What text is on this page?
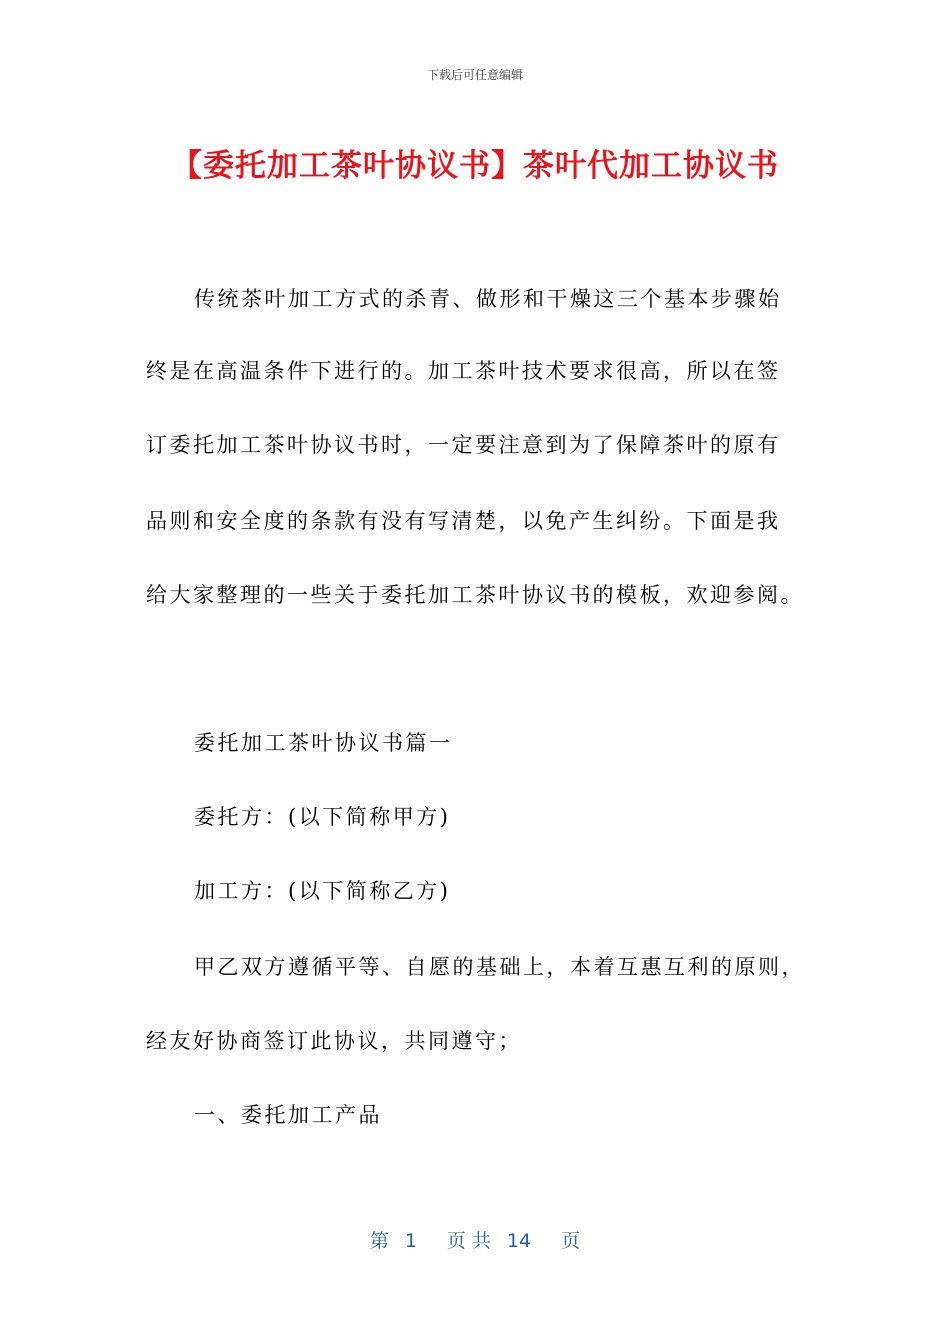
下载后可任意编辑
【委托加工茶叶协议书】茶叶代加工协议书
传统茶叶加工方式的杀青、做形和干燥这三个基本步骤始
终是在高温条件下进行的。加工茶叶技术要求很高，所以在签
订委托加工茶叶协议书时，一定要注意到为了保障茶叶的原有
品则和安全度的条款有没有写清楚，以免产生纠纷。下面是我
给大家整理的一些关于委托加工茶叶协议书的模板，欢迎参阅。
委托加工茶叶协议书篇一
委托方：(以下简称甲方)
加工方：(以下简称乙方)
甲乙双方遵循平等、自愿的基础上，本着互惠互利的原则，
经友好协商签订此协议，共同遵守；
一、委托加工产品
第 1 页 共 14 页
